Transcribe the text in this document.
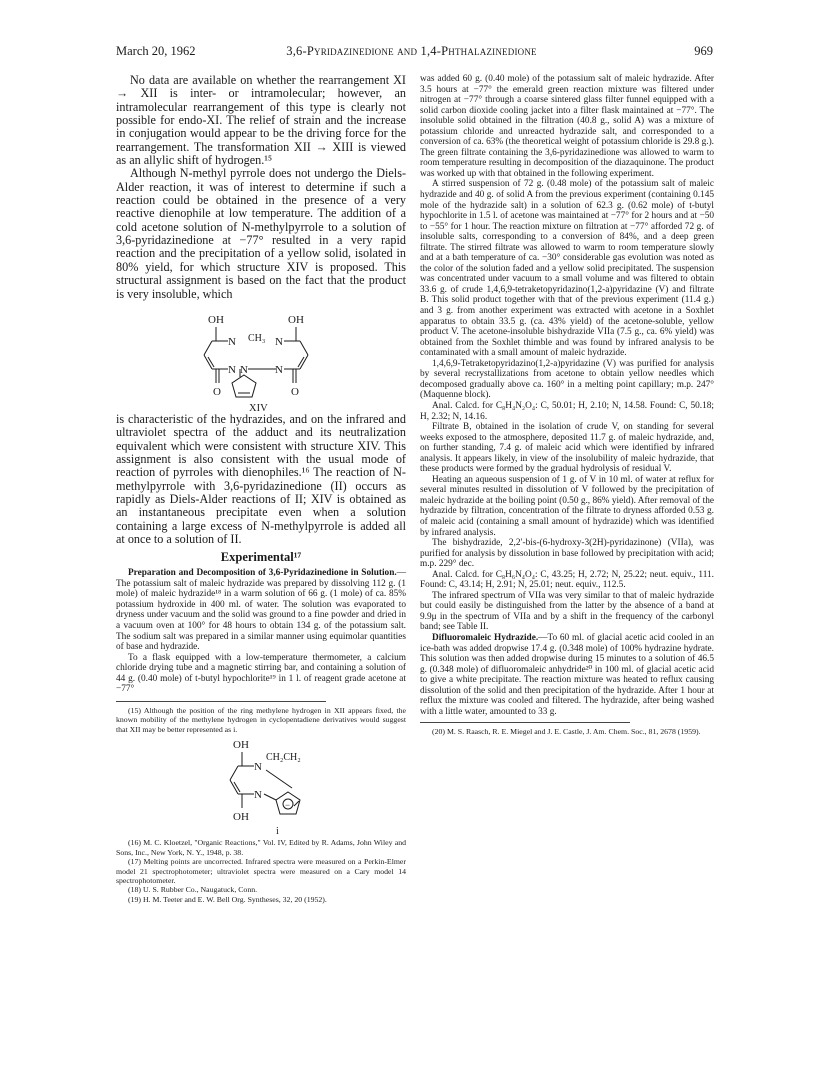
March 20, 1962	3,6-Pyridazinedione and 1,4-Phthalazinedione	969

No data are available on whether the rearrangement XI → XII is inter- or intramolecular; however, an intramolecular rearrangement of this type is clearly not possible for endo-XI. The relief of strain and the increase in conjugation would appear to be the driving force for the rearrangement. The transformation XII → XIII is viewed as an allylic shift of hydrogen.¹⁵

Although N-methyl pyrrole does not undergo the Diels-Alder reaction, it was of interest to determine if such a reaction could be obtained in the presence of a very reactive dienophile at low temperature. The addition of a cold acetone solution of N-methylpyrrole to a solution of 3,6-pyridazinedione at −77° resulted in a very rapid reaction and the precipitation of a yellow solid, isolated in 80% yield, for which structure XIV is proposed. This structural assignment is based on the fact that the product is very insoluble, which

OH	OH
N
N N
N
N
CH₃
O	O
XIV

is characteristic of the hydrazides, and on the infrared and ultraviolet spectra of the adduct and its neutralization equivalent which were consistent with structure XIV. This assignment is also consistent with the usual mode of reaction of pyrroles with dienophiles.¹⁶ The reaction of N-methylpyrrole with 3,6-pyridazinedione (II) occurs as rapidly as Diels-Alder reactions of II; XIV is obtained as an instantaneous precipitate even when a solution containing a large excess of N-methylpyrrole is added all at once to a solution of II.

Experimental¹⁷

Preparation and Decomposition of 3,6-Pyridazinedione in Solution.—The potassium salt of maleic hydrazide was prepared by dissolving 112 g. (1 mole) of maleic hydrazide¹⁸ in a warm solution of 66 g. (1 mole) of ca. 85% potassium hydroxide in 400 ml. of water. The solution was evaporated to dryness under vacuum and the solid was ground to a fine powder and dried in a vacuum oven at 100° for 48 hours to obtain 134 g. of the potassium salt. The sodium salt was prepared in a similar manner using equimolar quantities of base and hydrazide.

To a flask equipped with a low-temperature thermometer, a calcium chloride drying tube and a magnetic stirring bar, and containing a solution of 44 g. (0.40 mole) of t-butyl hypochlorite¹⁹ in 1 l. of reagent grade acetone at −77°

(15) Although the position of the ring methylene hydrogen in XII appears fixed, the known mobility of the methylene hydrogen in cyclopentadiene derivatives would suggest that XII may be better represented as i.

OH
OH
N
N
CH₂CH₂
−
i

(16) M. C. Kloetzel, "Organic Reactions," Vol. IV, Edited by R. Adams, John Wiley and Sons, Inc., New York, N. Y., 1948, p. 38.

(17) Melting points are uncorrected. Infrared spectra were measured on a Perkin-Elmer model 21 spectrophotometer; ultraviolet spectra were measured on a Cary model 14 spectrophotometer.

(18) U. S. Rubber Co., Naugatuck, Conn.

(19) H. M. Teeter and E. W. Bell Org. Syntheses, 32, 20 (1952).

was added 60 g. (0.40 mole) of the potassium salt of maleic hydrazide. After 3.5 hours at −77° the emerald green reaction mixture was filtered under nitrogen at −77° through a coarse sintered glass filter funnel equipped with a solid carbon dioxide cooling jacket into a filter flask maintained at −77°. The insoluble solid obtained in the filtration (40.8 g., solid A) was a mixture of potassium chloride and unreacted hydrazide salt, and corresponded to a conversion of ca. 63% (the theoretical weight of potassium chloride is 29.8 g.). The green filtrate containing the 3,6-pyridazinedione was allowed to warm to room temperature resulting in decomposition of the diazaquinone. The product was worked up with that obtained in the following experiment.

A stirred suspension of 72 g. (0.48 mole) of the potassium salt of maleic hydrazide and 40 g. of solid A from the previous experiment (containing 0.145 mole of the hydrazide salt) in a solution of 62.3 g. (0.62 mole) of t-butyl hypochlorite in 1.5 l. of acetone was maintained at −77° for 2 hours and at −50 to −55° for 1 hour. The reaction mixture on filtration at −77° afforded 72 g. of insoluble salts, corresponding to a conversion of 84%, and a deep green filtrate. The stirred filtrate was allowed to warm to room temperature slowly and at a bath temperature of ca. −30° considerable gas evolution was noted as the color of the solution faded and a yellow solid precipitated. The suspension was concentrated under vacuum to a small volume and was filtered to obtain 33.6 g. of crude 1,4,6,9-tetraketopyridazino(1,2-a)pyridazine (V) and filtrate B. This solid product together with that of the previous experiment (11.4 g.) and 3 g. from another experiment was extracted with acetone in a Soxhlet apparatus to obtain 33.5 g. (ca. 43% yield) of the acetone-soluble, yellow product V. The acetone-insoluble bishydrazide VIIa (7.5 g., ca. 6% yield) was obtained from the Soxhlet thimble and was found by infrared analysis to be contaminated with a small amount of maleic hydrazide.

1,4,6,9-Tetraketopyridazino(1,2-a)pyridazine (V) was purified for analysis by several recrystallizations from acetone to obtain yellow needles which decomposed gradually above ca. 160° in a melting point capillary; m.p. 247° (Maquenne block).

Anal. Calcd. for C₈H₄N₂O₄: C, 50.01; H, 2.10; N, 14.58. Found: C, 50.18; H, 2.32; N, 14.16.

Filtrate B, obtained in the isolation of crude V, on standing for several weeks exposed to the atmosphere, deposited 11.7 g. of maleic hydrazide, and, on further standing, 7.4 g. of maleic acid which were identified by infrared analysis. It appears likely, in view of the insolubility of maleic hydrazide, that these products were formed by the gradual hydrolysis of residual V.

Heating an aqueous suspension of 1 g. of V in 10 ml. of water at reflux for several minutes resulted in dissolution of V followed by the precipitation of maleic hydrazide at the boiling point (0.50 g., 86% yield). After removal of the hydrazide by filtration, concentration of the filtrate to dryness afforded 0.53 g. of maleic acid (containing a small amount of hydrazide) which was identified by infrared analysis.

The bishydrazide, 2,2′-bis-(6-hydroxy-3(2H)-pyridazinone) (VIIa), was purified for analysis by dissolution in base followed by precipitation with acid; m.p. 229° dec.

Anal. Calcd. for C₈H₆N₄O₄: C, 43.25; H, 2.72; N, 25.22; neut. equiv., 111. Found: C, 43.14; H, 2.91; N, 25.01; neut. equiv., 112.5.

The infrared spectrum of VIIa was very similar to that of maleic hydrazide but could easily be distinguished from the latter by the absence of a band at 9.9μ in the spectrum of VIIa and by a shift in the frequency of the carbonyl band; see Table II.

Difluoromaleic Hydrazide.—To 60 ml. of glacial acetic acid cooled in an ice-bath was added dropwise 17.4 g. (0.348 mole) of 100% hydrazine hydrate. This solution was then added dropwise during 15 minutes to a solution of 46.5 g. (0.348 mole) of difluoromaleic anhydride²⁰ in 100 ml. of glacial acetic acid to give a white precipitate. The reaction mixture was heated to reflux causing dissolution of the solid and then precipitation of the hydrazide. After 1 hour at reflux the mixture was cooled and filtered. The hydrazide, after being washed with a little water, amounted to 33 g.

(20) M. S. Raasch, R. E. Miegel and J. E. Castle, J. Am. Chem. Soc., 81, 2678 (1959).
